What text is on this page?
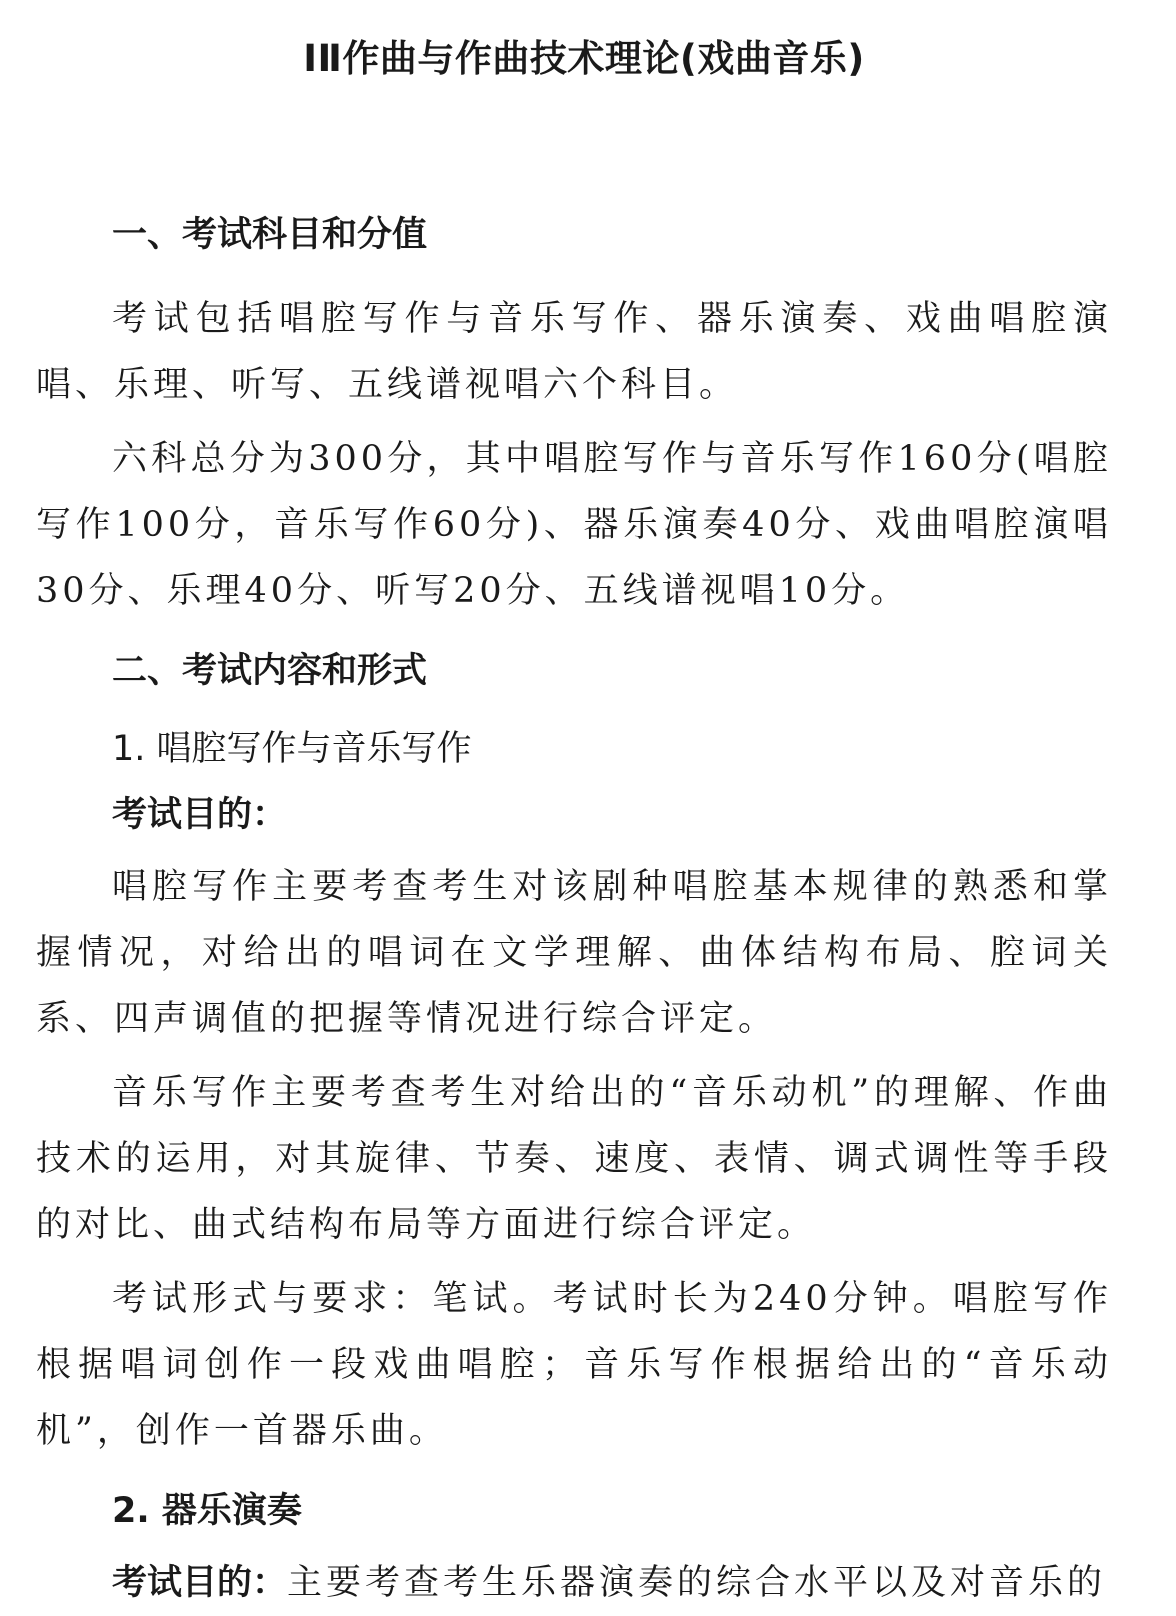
ⅠⅡ作曲与作曲技术理论(戏曲音乐)
一、考试科目和分值

考试包括唱腔写作与音乐写作、器乐演奏、戏曲唱腔演唱、乐理、听写、五线谱视唱六个科目。

六科总分为300分，其中唱腔写作与音乐写作160分(唱腔写作100分，音乐写作60分)、器乐演奏40分、戏曲唱腔演唱30分、乐理40分、听写20分、五线谱视唱10分。

二、考试内容和形式
1. 唱腔写作与音乐写作
考试目的：

唱腔写作主要考查考生对该剧种唱腔基本规律的熟悉和掌握情况，对给出的唱词在文学理解、曲体结构布局、腔词关系、四声调值的把握等情况进行综合评定。

音乐写作主要考查考生对给出的“音乐动机”的理解、作曲技术的运用，对其旋律、节奏、速度、表情、调式调性等手段的对比、曲式结构布局等方面进行综合评定。

考试形式与要求：笔试。考试时长为240分钟。唱腔写作根据唱词创作一段戏曲唱腔；音乐写作根据给出的“音乐动机”，创作一首器乐曲。

2. 器乐演奏

考试目的：主要考查考生乐器演奏的综合水平以及对音乐的
